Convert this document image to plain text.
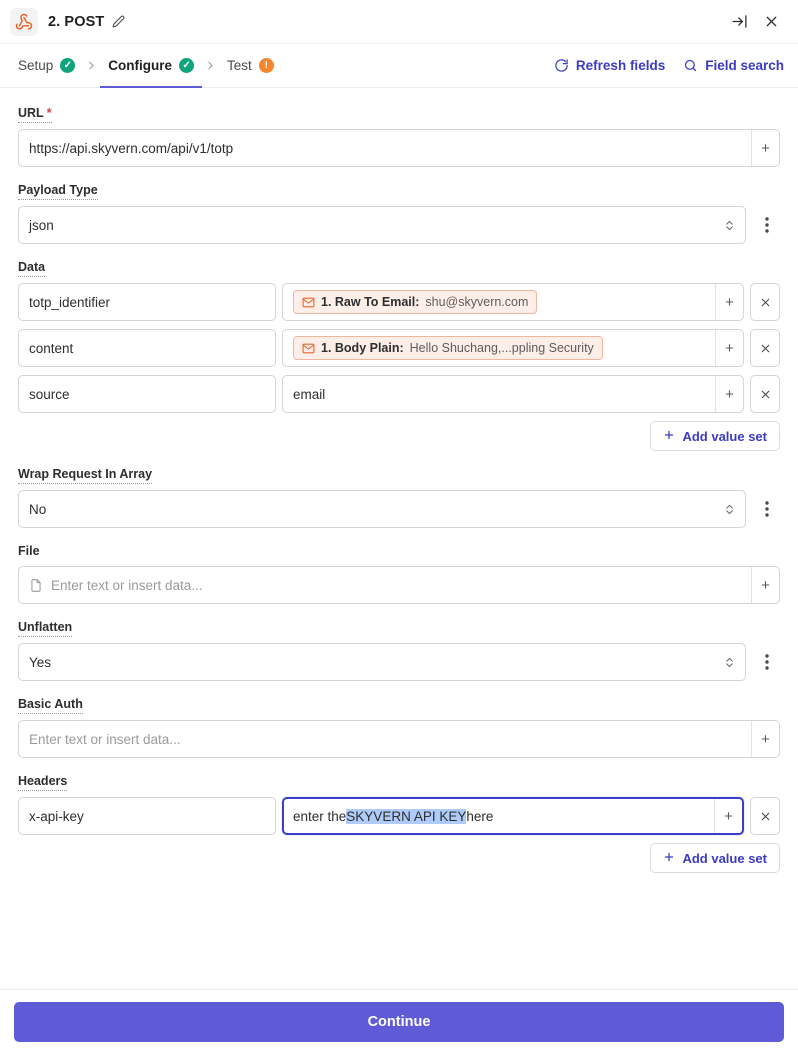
2. POST
Setup	✓	Configure	✓	Test	!	Refresh fields	Field search
URL *
https://api.skyvern.com/api/v1/totp	+
Payload Type
json
Data
totp_identifier	1. Raw To Email: shu@skyvern.com	+
content	1. Body Plain: Hello Shuchang,...ppling Security	+
source	email	+
Add value set
Wrap Request In Array
No
File
Enter text or insert data...	+
Unflatten
Yes
Basic Auth
Enter text or insert data...	+
Headers
x-api-key	enter the SKYVERN API KEY here	+
Add value set
Continue
